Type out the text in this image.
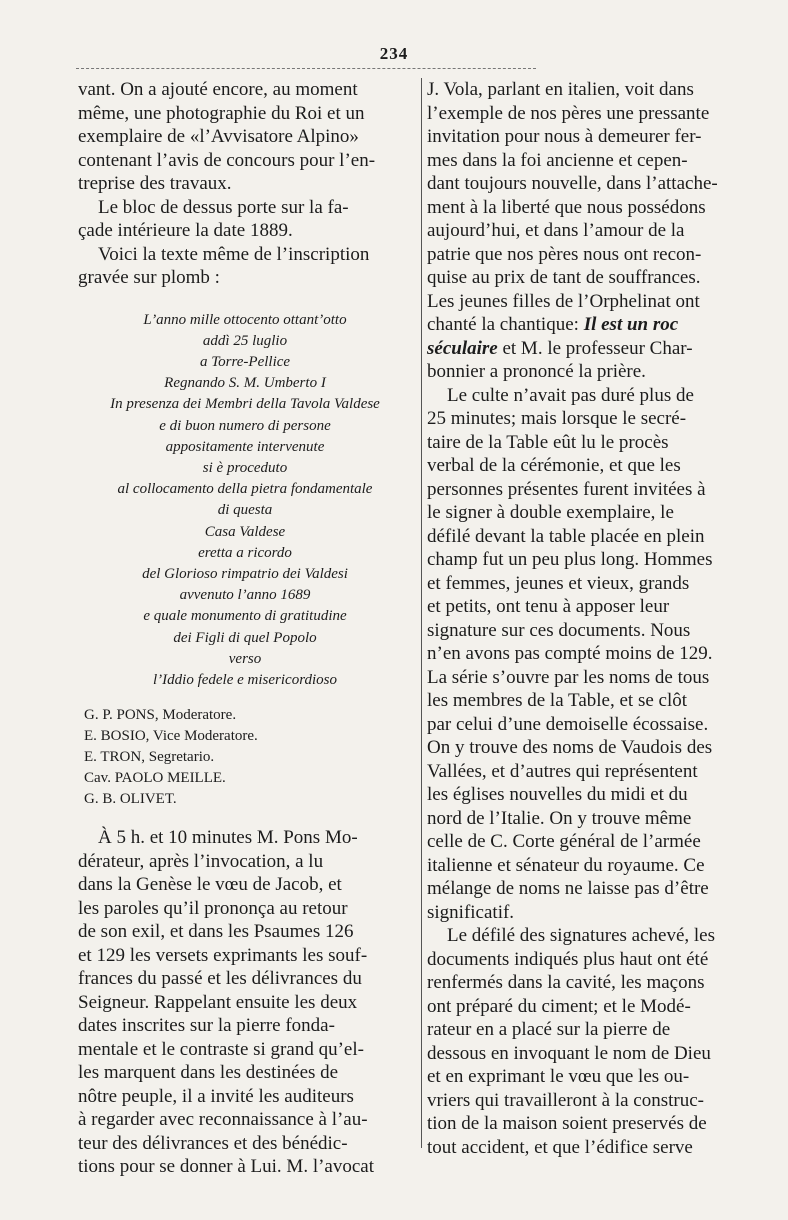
234

vant. On a ajouté encore, au moment
même, une photographie du Roi et un
exemplaire de «l’Avvisatore Alpino»
contenant l’avis de concours pour l’en-
treprise des travaux.

Le bloc de dessus porte sur la fa-
çade intérieure la date 1889.

Voici la texte même de l’inscription
gravée sur plomb :

L’anno mille ottocento ottant’otto
addì 25 luglio
a Torre-Pellice
Regnando S. M. Umberto I
In presenza dei Membri della Tavola Valdese
e di buon numero di persone
appositamente intervenute
si è proceduto
al collocamento della pietra fondamentale
di questa
Casa Valdese
eretta a ricordo
del Glorioso rimpatrio dei Valdesi
avvenuto l’anno 1689
e quale monumento di gratitudine
dei Figli di quel Popolo
verso
l’Iddio fedele e misericordioso
G. P. PONS, Moderatore.
E. BOSIO, Vice Moderatore.
E. TRON, Segretario.
Cav. PAOLO MEILLE.
G. B. OLIVET.

À 5 h. et 10 minutes M. Pons Mo-
dérateur, après l’invocation, a lu
dans la Genèse le vœu de Jacob, et
les paroles qu’il prononça au retour
de son exil, et dans les Psaumes 126
et 129 les versets exprimants les souf-
frances du passé et les délivrances du
Seigneur. Rappelant ensuite les deux
dates inscrites sur la pierre fonda-
mentale et le contraste si grand qu’el-
les marquent dans les destinées de
nôtre peuple, il a invité les auditeurs
à regarder avec reconnaissance à l’au-
teur des délivrances et des bénédic-
tions pour se donner à Lui. M. l’avocat

J. Vola, parlant en italien, voit dans
l’exemple de nos pères une pressante
invitation pour nous à demeurer fer-
mes dans la foi ancienne et cepen-
dant toujours nouvelle, dans l’attache-
ment à la liberté que nous possédons
aujourd’hui, et dans l’amour de la
patrie que nos pères nous ont recon-
quise au prix de tant de souffrances.
Les jeunes filles de l’Orphelinat ont
chanté la chantique: Il est un roc
séculaire et M. le professeur Char-
bonnier a prononcé la prière.

Le culte n’avait pas duré plus de
25 minutes; mais lorsque le secré-
taire de la Table eût lu le procès
verbal de la cérémonie, et que les
personnes présentes furent invitées à
le signer à double exemplaire, le
défilé devant la table placée en plein
champ fut un peu plus long. Hommes
et femmes, jeunes et vieux, grands
et petits, ont tenu à apposer leur
signature sur ces documents. Nous
n’en avons pas compté moins de 129.
La série s’ouvre par les noms de tous
les membres de la Table, et se clôt
par celui d’une demoiselle écossaise.
On y trouve des noms de Vaudois des
Vallées, et d’autres qui représentent
les églises nouvelles du midi et du
nord de l’Italie. On y trouve même
celle de C. Corte général de l’armée
italienne et sénateur du royaume. Ce
mélange de noms ne laisse pas d’être
significatif.

Le défilé des signatures achevé, les
documents indiqués plus haut ont été
renfermés dans la cavité, les maçons
ont préparé du ciment; et le Modé-
rateur en a placé sur la pierre de
dessous en invoquant le nom de Dieu
et en exprimant le vœu que les ou-
vriers qui travailleront à la construc-
tion de la maison soient preservés de
tout accident, et que l’édifice serve
